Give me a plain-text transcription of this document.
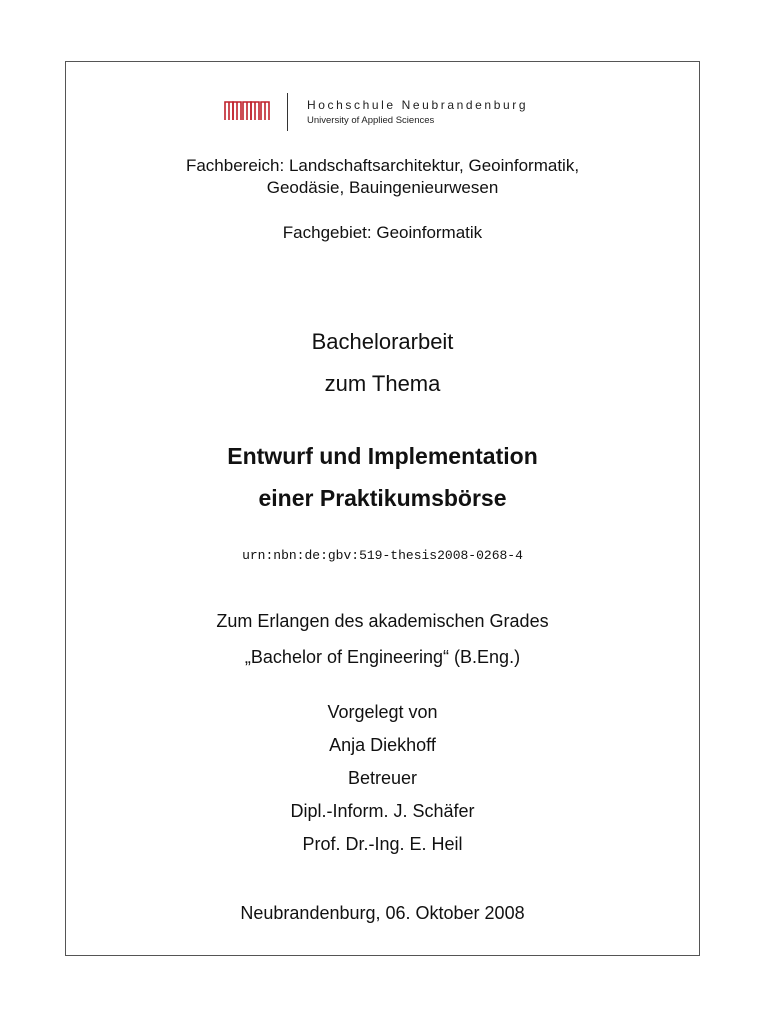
Hochschule Neubrandenburg
University of Applied Sciences
Fachbereich: Landschaftsarchitektur, Geoinformatik,
Geodäsie, Bauingenieurwesen
Fachgebiet: Geoinformatik
Bachelorarbeit
zum Thema
Entwurf und Implementation
einer Praktikumsbörse
urn:nbn:de:gbv:519-thesis2008-0268-4
Zum Erlangen des akademischen Grades
„Bachelor of Engineering“ (B.Eng.)
Vorgelegt von
Anja Diekhoff
Betreuer
Dipl.-Inform. J. Schäfer
Prof. Dr.-Ing. E. Heil
Neubrandenburg, 06. Oktober 2008
